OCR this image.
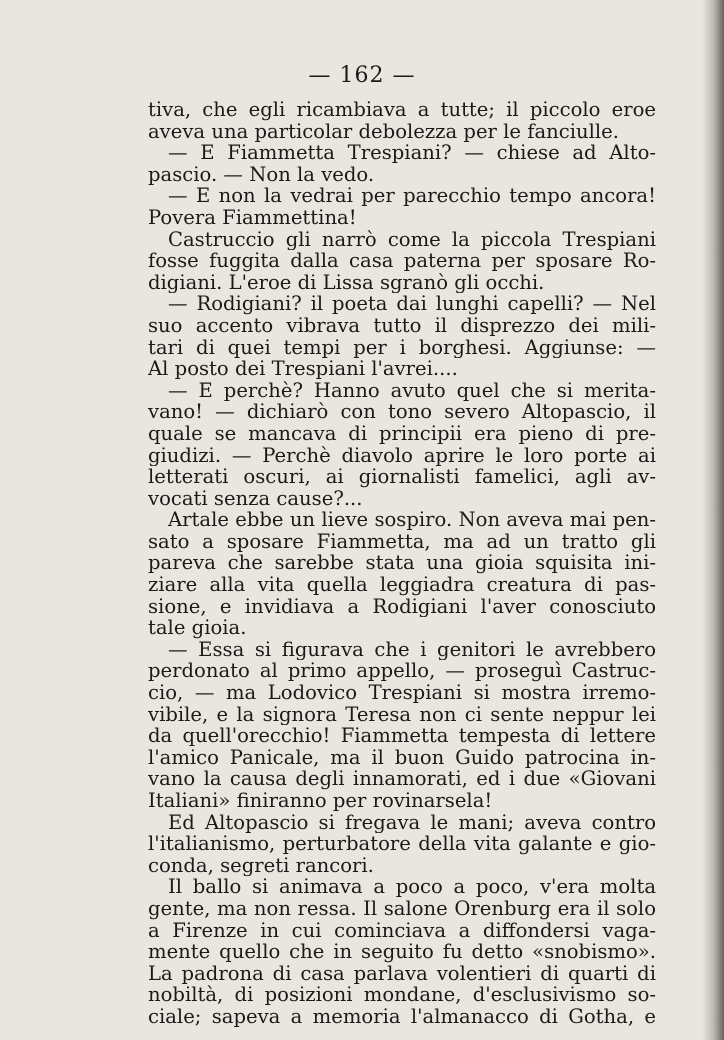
— 162 —
tiva, che egli ricambiava a tutte; il piccolo eroe
aveva una particolar debolezza per le fanciulle.
— E Fiammetta Trespiani? — chiese ad Alto-
pascio. — Non la vedo.
— E non la vedrai per parecchio tempo ancora!
Povera Fiammettina!
Castruccio gli narrò come la piccola Trespiani
fosse fuggita dalla casa paterna per sposare Ro-
digiani. L'eroe di Lissa sgranò gli occhi.
— Rodigiani? il poeta dai lunghi capelli? — Nel
suo accento vibrava tutto il disprezzo dei mili-
tari di quei tempi per i borghesi. Aggiunse: —
Al posto dei Trespiani l'avrei....
— E perchè? Hanno avuto quel che si merita-
vano! — dichiarò con tono severo Altopascio, il
quale se mancava di principii era pieno di pre-
giudizi. — Perchè diavolo aprire le loro porte ai
letterati oscuri, ai giornalisti famelici, agli av-
vocati senza cause?...
Artale ebbe un lieve sospiro. Non aveva mai pen-
sato a sposare Fiammetta, ma ad un tratto gli
pareva che sarebbe stata una gioia squisita ini-
ziare alla vita quella leggiadra creatura di pas-
sione, e invidiava a Rodigiani l'aver conosciuto
tale gioia.
— Essa si figurava che i genitori le avrebbero
perdonato al primo appello, — proseguì Castruc-
cio, — ma Lodovico Trespiani si mostra irremo-
vibile, e la signora Teresa non ci sente neppur lei
da quell'orecchio! Fiammetta tempesta di lettere
l'amico Panicale, ma il buon Guido patrocina in-
vano la causa degli innamorati, ed i due «Giovani
Italiani» finiranno per rovinarsela!
Ed Altopascio si fregava le mani; aveva contro
l'italianismo, perturbatore della vita galante e gio-
conda, segreti rancori.
Il ballo si animava a poco a poco, v'era molta
gente, ma non ressa. Il salone Orenburg era il solo
a Firenze in cui cominciava a diffondersi vaga-
mente quello che in seguito fu detto «snobismo».
La padrona di casa parlava volentieri di quarti di
nobiltà, di posizioni mondane, d'esclusivismo so-
ciale; sapeva a memoria l'almanacco di Gotha, e
